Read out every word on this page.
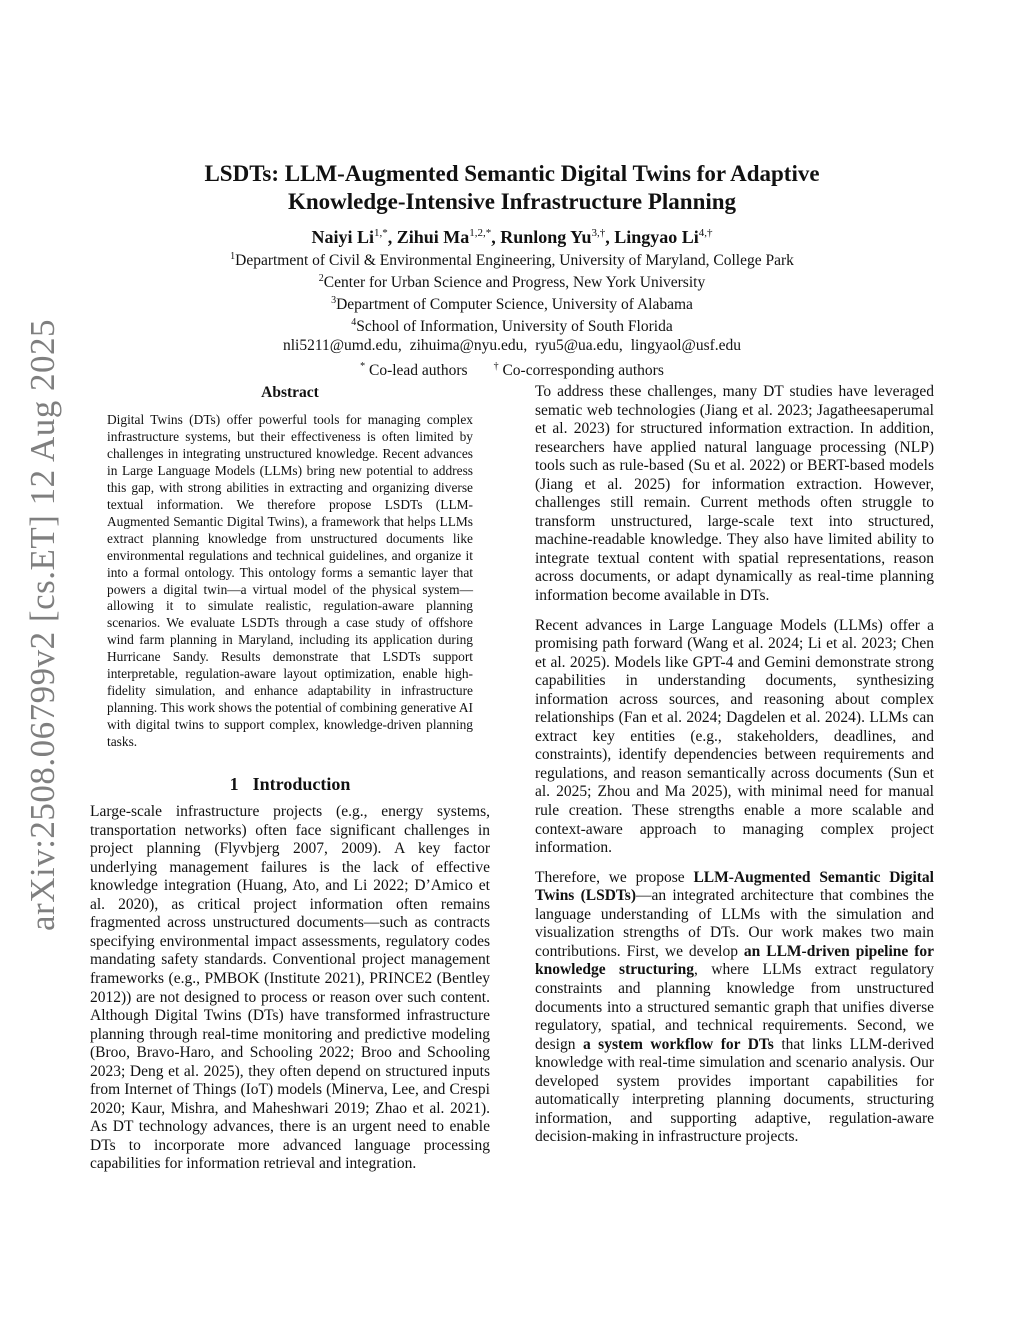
arXiv:2508.06799v2 [cs.ET] 12 Aug 2025
LSDTs: LLM-Augmented Semantic Digital Twins for Adaptive
Knowledge-Intensive Infrastructure Planning
Naiyi $Li^{1,*}$, Zihui $Ma^{1,2,*}$, Runlong $Yu^{3,\dagger}$, Lingyao $Li^{4,\dagger}$
$^1$Department of Civil & Environmental Engineering, University of Maryland, College Park
$^2$Center for Urban Science and Progress, New York University
$^3$Department of Computer Science, University of Alabama
$^4$School of Information, University of South Florida
nli5211@umd.edu, zihuima@nyu.edu, ryu5@ua.edu, lingyaol@usf.edu
* Co-lead authors	† Co-corresponding authors
Abstract

Digital Twins (DTs) offer powerful tools for managing complex infrastructure systems, but their effectiveness is often limited by challenges in integrating unstructured knowledge. Recent advances in Large Language Models (LLMs) bring new potential to address this gap, with strong abilities in extracting and organizing diverse textual information. We therefore propose LSDTs (LLM-Augmented Semantic Digital Twins), a framework that helps LLMs extract planning knowledge from unstructured documents like environmental regulations and technical guidelines, and organize it into a formal ontology. This ontology forms a semantic layer that powers a digital twin—a virtual model of the physical system—allowing it to simulate realistic, regulation-aware planning scenarios. We evaluate LSDTs through a case study of offshore wind farm planning in Maryland, including its application during Hurricane Sandy. Results demonstrate that LSDTs support interpretable, regulation-aware layout optimization, enable high-fidelity simulation, and enhance adaptability in infrastructure planning. This work shows the potential of combining generative AI with digital twins to support complex, knowledge-driven planning tasks.

1 Introduction

Large-scale infrastructure projects (e.g., energy systems, transportation networks) often face significant challenges in project planning (Flyvbjerg 2007, 2009). A key factor underlying management failures is the lack of effective knowledge integration (Huang, Ato, and Li 2022; D’Amico et al. 2020), as critical project information often remains fragmented across unstructured documents—such as contracts specifying environmental impact assessments, regulatory codes mandating safety standards. Conventional project management frameworks (e.g., PMBOK (Institute 2021), PRINCE2 (Bentley 2012)) are not designed to process or reason over such content. Although Digital Twins (DTs) have transformed infrastructure planning through real-time monitoring and predictive modeling (Broo, Bravo-Haro, and Schooling 2022; Broo and Schooling 2023; Deng et al. 2025), they often depend on structured inputs from Internet of Things (IoT) models (Minerva, Lee, and Crespi 2020; Kaur, Mishra, and Maheshwari 2019; Zhao et al. 2021). As DT technology advances, there is an urgent need to enable DTs to incorporate more advanced language processing capabilities for information retrieval and integration.

To address these challenges, many DT studies have leveraged sematic web technologies (Jiang et al. 2023; Jagatheesaperumal et al. 2023) for structured information extraction. In addition, researchers have applied natural language processing (NLP) tools such as rule-based (Su et al. 2022) or BERT-based models (Jiang et al. 2025) for information extraction. However, challenges still remain. Current methods often struggle to transform unstructured, large-scale text into structured, machine-readable knowledge. They also have limited ability to integrate textual content with spatial representations, reason across documents, or adapt dynamically as real-time planning information become available in DTs.

Recent advances in Large Language Models (LLMs) offer a promising path forward (Wang et al. 2024; Li et al. 2023; Chen et al. 2025). Models like GPT-4 and Gemini demonstrate strong capabilities in understanding documents, synthesizing information across sources, and reasoning about complex relationships (Fan et al. 2024; Dagdelen et al. 2024). LLMs can extract key entities (e.g., stakeholders, deadlines, and constraints), identify dependencies between requirements and regulations, and reason semantically across documents (Sun et al. 2025; Zhou and Ma 2025), with minimal need for manual rule creation. These strengths enable a more scalable and context-aware approach to managing complex project information.

Therefore, we propose LLM-Augmented Semantic Digital Twins (LSDTs)—an integrated architecture that combines the language understanding of LLMs with the simulation and visualization strengths of DTs. Our work makes two main contributions. First, we develop an LLM-driven pipeline for knowledge structuring, where LLMs extract regulatory constraints and planning knowledge from unstructured documents into a structured semantic graph that unifies diverse regulatory, spatial, and technical requirements. Second, we design a system workflow for DTs that links LLM-derived knowledge with real-time simulation and scenario analysis. Our developed system provides important capabilities for automatically interpreting planning documents, structuring information, and supporting adaptive, regulation-aware decision-making in infrastructure projects.
